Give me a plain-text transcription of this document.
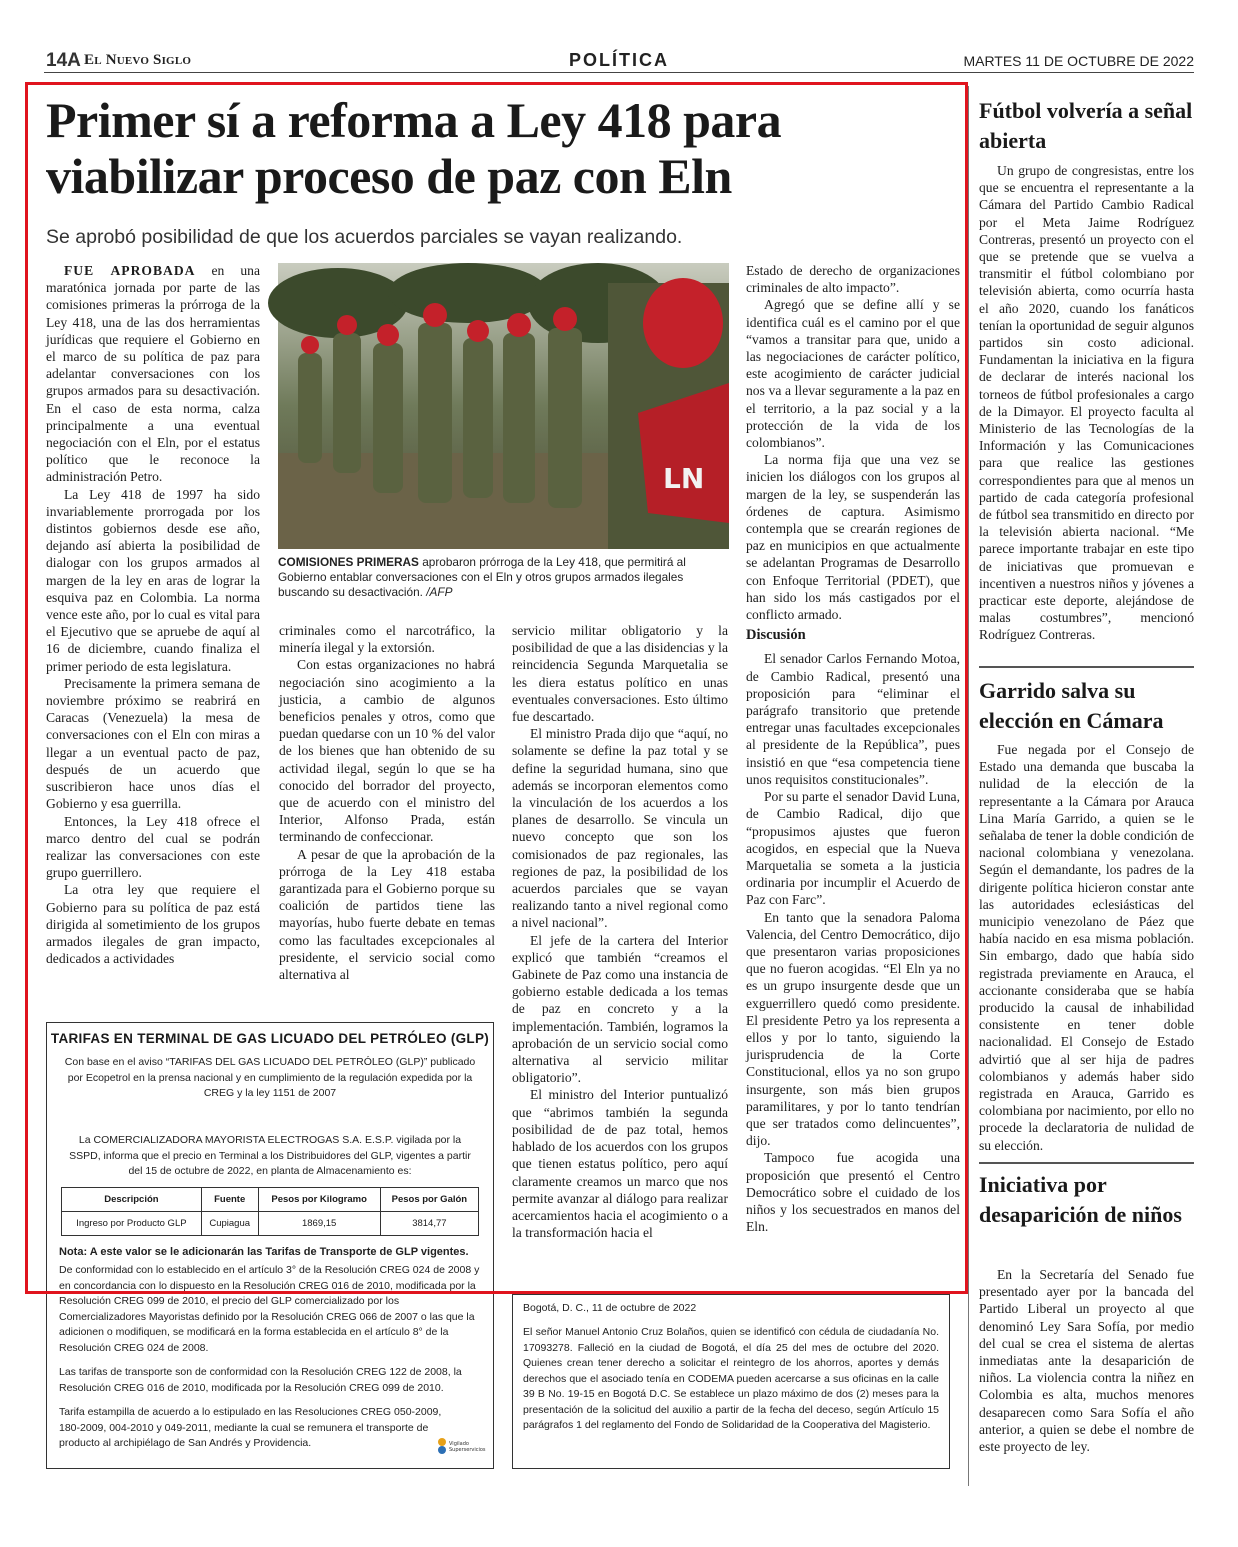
14A El Nuevo Siglo	POLÍTICA	MARTES 11 DE OCTUBRE DE 2022
Primer sí a reforma a Ley 418 para viabilizar proceso de paz con Eln
Se aprobó posibilidad de que los acuerdos parciales se vayan realizando.

FUE APROBADA en una maratónica jornada por parte de las comisiones primeras la prórroga de la Ley 418, una de las dos herramientas jurídicas que requiere el Gobierno en el marco de su política de paz para adelantar conversaciones con los grupos armados para su desactivación. En el caso de esta norma, calza principalmente a una eventual negociación con el Eln, por el estatus político que le reconoce la administración Petro.

La Ley 418 de 1997 ha sido invariablemente prorrogada por los distintos gobiernos desde ese año, dejando así abierta la posibilidad de dialogar con los grupos armados al margen de la ley en aras de lograr la esquiva paz en Colombia. La norma vence este año, por lo cual es vital para el Ejecutivo que se apruebe de aquí al 16 de diciembre, cuando finaliza el primer periodo de esta legislatura.

Precisamente la primera semana de noviembre próximo se reabrirá en Caracas (Venezuela) la mesa de conversaciones con el Eln con miras a llegar a un eventual pacto de paz, después de un acuerdo que suscribieron hace unos días el Gobierno y esa guerrilla.

Entonces, la Ley 418 ofrece el marco dentro del cual se podrán realizar las conversaciones con este grupo guerrillero.

La otra ley que requiere el Gobierno para su política de paz está dirigida al sometimiento de los grupos armados ilegales de gran impacto, dedicados a actividades

LN
COMISIONES PRIMERAS aprobaron prórroga de la Ley 418, que permitirá al Gobierno entablar conversaciones con el Eln y otros grupos armados ilegales buscando su desactivación. /AFP

criminales como el narcotráfico, la minería ilegal y la extorsión.

Con estas organizaciones no habrá negociación sino acogimiento a la justicia, a cambio de algunos beneficios penales y otros, como que puedan quedarse con un 10 % del valor de los bienes que han obtenido de su actividad ilegal, según lo que se ha conocido del borrador del proyecto, que de acuerdo con el ministro del Interior, Alfonso Prada, están terminando de confeccionar.

A pesar de que la aprobación de la prórroga de la Ley 418 estaba garantizada para el Gobierno porque su coalición de partidos tiene las mayorías, hubo fuerte debate en temas como las facultades excepcionales al presidente, el servicio social como alternativa al

servicio militar obligatorio y la posibilidad de que a las disidencias y la reincidencia Segunda Marquetalia se les diera estatus político en unas eventuales conversaciones. Esto último fue descartado.

El ministro Prada dijo que “aquí, no solamente se define la paz total y se define la seguridad humana, sino que además se incorporan elementos como la vinculación de los acuerdos a los planes de desarrollo. Se vincula un nuevo concepto que son los comisionados de paz regionales, las regiones de paz, la posibilidad de los acuerdos parciales que se vayan realizando tanto a nivel regional como a nivel nacional”.

El jefe de la cartera del Interior explicó que también “creamos el Gabinete de Paz como una instancia de gobierno estable dedicada a los temas de paz en concreto y a la implementación. También, logramos la aprobación de un servicio social como alternativa al servicio militar obligatorio”.

El ministro del Interior puntualizó que “abrimos también la segunda posibilidad de de paz total, hemos hablado de los acuerdos con los grupos que tienen estatus político, pero aquí claramente creamos un marco que nos permite avanzar al diálogo para realizar acercamientos hacia el acogimiento o a la transformación hacia el

Estado de derecho de organizaciones criminales de alto impacto”.

Agregó que se define allí y se identifica cuál es el camino por el que “vamos a transitar para que, unido a las negociaciones de carácter político, este acogimiento de carácter judicial nos va a llevar seguramente a la paz en el territorio, a la paz social y a la protección de la vida de los colombianos”.

La norma fija que una vez se inicien los diálogos con los grupos al margen de la ley, se suspenderán las órdenes de captura. Asimismo contempla que se crearán regiones de paz en municipios en que actualmente se adelantan Programas de Desarrollo con Enfoque Territorial (PDET), que han sido los más castigados por el conflicto armado.

Discusión

El senador Carlos Fernando Motoa, de Cambio Radical, presentó una proposición para “eliminar el parágrafo transitorio que pretende entregar unas facultades excepcionales al presidente de la República”, pues insistió en que “esa competencia tiene unos requisitos constitucionales”.

Por su parte el senador David Luna, de Cambio Radical, dijo que “propusimos ajustes que fueron acogidos, en especial que la Nueva Marquetalia se someta a la justicia ordinaria por incumplir el Acuerdo de Paz con Farc”.

En tanto que la senadora Paloma Valencia, del Centro Democrático, dijo que presentaron varias proposiciones que no fueron acogidas. “El Eln ya no es un grupo insurgente desde que un exguerrillero quedó como presidente. El presidente Petro ya los representa a ellos y por lo tanto, siguiendo la jurisprudencia de la Corte Constitucional, ellos ya no son grupo insurgente, son más bien grupos paramilitares, y por lo tanto tendrían que ser tratados como delincuentes”, dijo.

Tampoco fue acogida una proposición que presentó el Centro Democrático sobre el cuidado de los niños y los secuestrados en manos del Eln.

TARIFAS EN TERMINAL DE GAS LICUADO DEL PETRÓLEO (GLP)
Con base en el aviso “TARIFAS DEL GAS LICUADO DEL PETRÓLEO (GLP)” publicado por Ecopetrol en la prensa nacional y en cumplimiento de la regulación expedida por la CREG y la ley 1151 de 2007
La COMERCIALIZADORA MAYORISTA ELECTROGAS S.A. E.S.P. vigilada por la SSPD, informa que el precio en Terminal a los Distribuidores del GLP, vigentes a partir del 15 de octubre de 2022, en planta de Almacenamiento es:
Descripción	Fuente	Pesos por Kilogramo	Pesos por Galón
Ingreso por Producto GLP	Cupiagua	1869,15	3814,77
Nota: A este valor se le adicionarán las Tarifas de Transporte de GLP vigentes.
De conformidad con lo establecido en el artículo 3° de la Resolución CREG 024 de 2008 y en concordancia con lo dispuesto en la Resolución CREG 016 de 2010, modificada por la Resolución CREG 099 de 2010, el precio del GLP comercializado por los Comercializadores Mayoristas definido por la Resolución CREG 066 de 2007 o las que la adicionen o modifiquen, se modificará en la forma establecida en el artículo 8° de la Resolución CREG 024 de 2008.
Las tarifas de transporte son de conformidad con la Resolución CREG 122 de 2008, la Resolución CREG 016 de 2010, modificada por la Resolución CREG 099 de 2010.
Tarifa estampilla de acuerdo a lo estipulado en las Resoluciones CREG 050-2009, 180-2009, 004-2010 y 049-2011, mediante la cual se remunera el transporte de producto al archipiélago de San Andrés y Providencia.	Vigilado
Superservicios
Bogotá, D. C., 11 de octubre de 2022
El señor Manuel Antonio Cruz Bolaños, quien se identificó con cédula de ciudadanía No. 17093278. Falleció en la ciudad de Bogotá, el día 25 del mes de octubre del 2020. Quienes crean tener derecho a solicitar el reintegro de los ahorros, aportes y demás derechos que el asociado tenía en CODEMA pueden acercarse a sus oficinas en la calle 39 B No. 19-15 en Bogotá D.C. Se establece un plazo máximo de dos (2) meses para la presentación de la solicitud del auxilio a partir de la fecha del deceso, según Artículo 15 parágrafos 1 del reglamento del Fondo de Solidaridad de la Cooperativa del Magisterio.
Fútbol volvería a señal abierta

Un grupo de congresistas, entre los que se encuentra el representante a la Cámara del Partido Cambio Radical por el Meta Jaime Rodríguez Contreras, presentó un proyecto con el que se pretende que se vuelva a transmitir el fútbol colombiano por televisión abierta, como ocurría hasta el año 2020, cuando los fanáticos tenían la oportunidad de seguir algunos partidos sin costo adicional. Fundamentan la iniciativa en la figura de declarar de interés nacional los torneos de fútbol profesionales a cargo de la Dimayor. El proyecto faculta al Ministerio de las Tecnologías de la Información y las Comunicaciones para que realice las gestiones correspondientes para que al menos un partido de cada categoría profesional de fútbol sea transmitido en directo por la televisión abierta nacional. “Me parece importante trabajar en este tipo de iniciativas que promuevan e incentiven a nuestros niños y jóvenes a practicar este deporte, alejándose de malas costumbres”, mencionó Rodríguez Contreras.

Garrido salva su elección en Cámara

Fue negada por el Consejo de Estado una demanda que buscaba la nulidad de la elección de la representante a la Cámara por Arauca Lina María Garrido, a quien se le señalaba de tener la doble condición de nacional colombiana y venezolana. Según el demandante, los padres de la dirigente política hicieron constar ante las autoridades eclesiásticas del municipio venezolano de Páez que había nacido en esa misma población. Sin embargo, dado que había sido registrada previamente en Arauca, el accionante consideraba que se había producido la causal de inhabilidad consistente en tener doble nacionalidad. El Consejo de Estado advirtió que al ser hija de padres colombianos y además haber sido registrada en Arauca, Garrido es colombiana por nacimiento, por ello no procede la declaratoria de nulidad de su elección.

Iniciativa por desaparición de niños

En la Secretaría del Senado fue presentado ayer por la bancada del Partido Liberal un proyecto al que denominó Ley Sara Sofía, por medio del cual se crea el sistema de alertas inmediatas ante la desaparición de niños. La violencia contra la niñez en Colombia es alta, muchos menores desaparecen como Sara Sofía el año anterior, a quien se debe el nombre de este proyecto de ley.
